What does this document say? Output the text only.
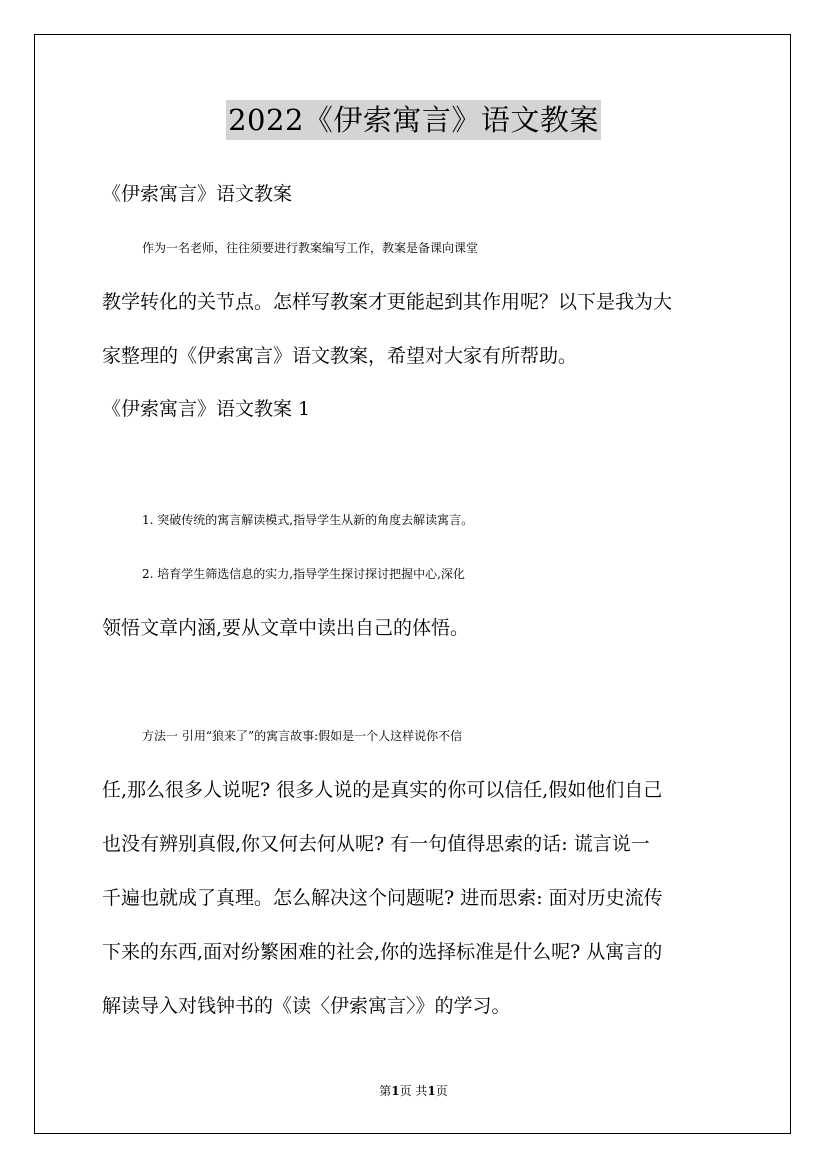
2022《伊索寓言》语文教案
《伊索寓言》语文教案
作为一名老师，往往须要进行教案编写工作，教案是备课向课堂
教学转化的关节点。怎样写教案才更能起到其作用呢？以下是我为大
家整理的《伊索寓言》语文教案，希望对大家有所帮助。
《伊索寓言》语文教案 1
1. 突破传统的寓言解读模式,指导学生从新的角度去解读寓言。
2. 培育学生筛选信息的实力,指导学生探讨探讨把握中心,深化
领悟文章内涵,要从文章中读出自己的体悟。
方法一 引用“狼来了”的寓言故事:假如是一个人这样说你不信
任,那么很多人说呢? 很多人说的是真实的你可以信任,假如他们自己
也没有辨别真假,你又何去何从呢? 有一句值得思索的话: 谎言说一
千遍也就成了真理。怎么解决这个问题呢? 进而思索: 面对历史流传
下来的东西,面对纷繁困难的社会,你的选择标准是什么呢? 从寓言的
解读导入对钱钟书的《读〈伊索寓言〉》的学习。
第1页 共1页
